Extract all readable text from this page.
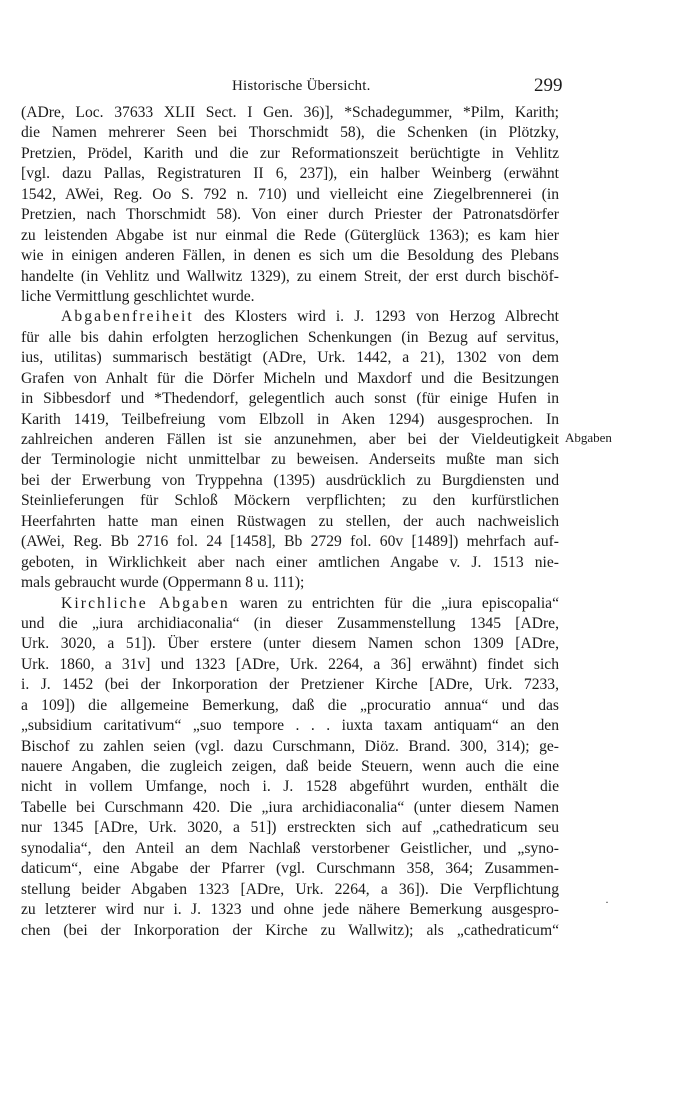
Historische Übersicht.	299
(ADre, Loc. 37633 XLII Sect. I Gen. 36)], *Schadegummer, *Pilm, Karith;
die Namen mehrerer Seen bei Thorschmidt 58), die Schenken (in Plötzky,
Pretzien, Prödel, Karith und die zur Reformationszeit berüchtigte in Vehlitz
[vgl. dazu Pallas, Registraturen II 6, 237]), ein halber Weinberg (erwähnt
1542, AWei, Reg. Oo S. 792 n. 710) und vielleicht eine Ziegelbrennerei (in
Pretzien, nach Thorschmidt 58). Von einer durch Priester der Patronatsdörfer
zu leistenden Abgabe ist nur einmal die Rede (Güterglück 1363); es kam hier
wie in einigen anderen Fällen, in denen es sich um die Besoldung des Plebans
handelte (in Vehlitz und Wallwitz 1329), zu einem Streit, der erst durch bischöf-
liche Vermittlung geschlichtet wurde.
Abgabenfreiheit des Klosters wird i. J. 1293 von Herzog Albrecht
für alle bis dahin erfolgten herzoglichen Schenkungen (in Bezug auf servitus,
ius, utilitas) summarisch bestätigt (ADre, Urk. 1442, a 21), 1302 von dem
Grafen von Anhalt für die Dörfer Micheln und Maxdorf und die Besitzungen
in Sibbesdorf und *Thedendorf, gelegentlich auch sonst (für einige Hufen in
Karith 1419, Teilbefreiung vom Elbzoll in Aken 1294) ausgesprochen. In
zahlreichen anderen Fällen ist sie anzunehmen, aber bei der Vieldeutigkeit
der Terminologie nicht unmittelbar zu beweisen. Anderseits mußte man sich
bei der Erwerbung von Tryppehna (1395) ausdrücklich zu Burgdiensten und
Steinlieferungen für Schloß Möckern verpflichten; zu den kurfürstlichen
Heerfahrten hatte man einen Rüstwagen zu stellen, der auch nachweislich
(AWei, Reg. Bb 2716 fol. 24 [1458], Bb 2729 fol. 60v [1489]) mehrfach auf-
geboten, in Wirklichkeit aber nach einer amtlichen Angabe v. J. 1513 nie-
mals gebraucht wurde (Oppermann 8 u. 111);
Kirchliche Abgaben waren zu entrichten für die „iura episcopalia“
und die „iura archidiaconalia“ (in dieser Zusammenstellung 1345 [ADre,
Urk. 3020, a 51]). Über erstere (unter diesem Namen schon 1309 [ADre,
Urk. 1860, a 31v] und 1323 [ADre, Urk. 2264, a 36] erwähnt) findet sich
i. J. 1452 (bei der Inkorporation der Pretziener Kirche [ADre, Urk. 7233,
a 109]) die allgemeine Bemerkung, daß die „procuratio annua“ und das
„subsidium caritativum“ „suo tempore . . . iuxta taxam antiquam“ an den
Bischof zu zahlen seien (vgl. dazu Curschmann, Diöz. Brand. 300, 314); ge-
nauere Angaben, die zugleich zeigen, daß beide Steuern, wenn auch die eine
nicht in vollem Umfange, noch i. J. 1528 abgeführt wurden, enthält die
Tabelle bei Curschmann 420. Die „iura archidiaconalia“ (unter diesem Namen
nur 1345 [ADre, Urk. 3020, a 51]) erstreckten sich auf „cathedraticum seu
synodalia“, den Anteil an dem Nachlaß verstorbener Geistlicher, und „syno-
daticum“, eine Abgabe der Pfarrer (vgl. Curschmann 358, 364; Zusammen-
stellung beider Abgaben 1323 [ADre, Urk. 2264, a 36]). Die Verpflichtung
zu letzterer wird nur i. J. 1323 und ohne jede nähere Bemerkung ausgespro-
chen (bei der Inkorporation der Kirche zu Wallwitz); als „cathedraticum“
Abgaben
·
